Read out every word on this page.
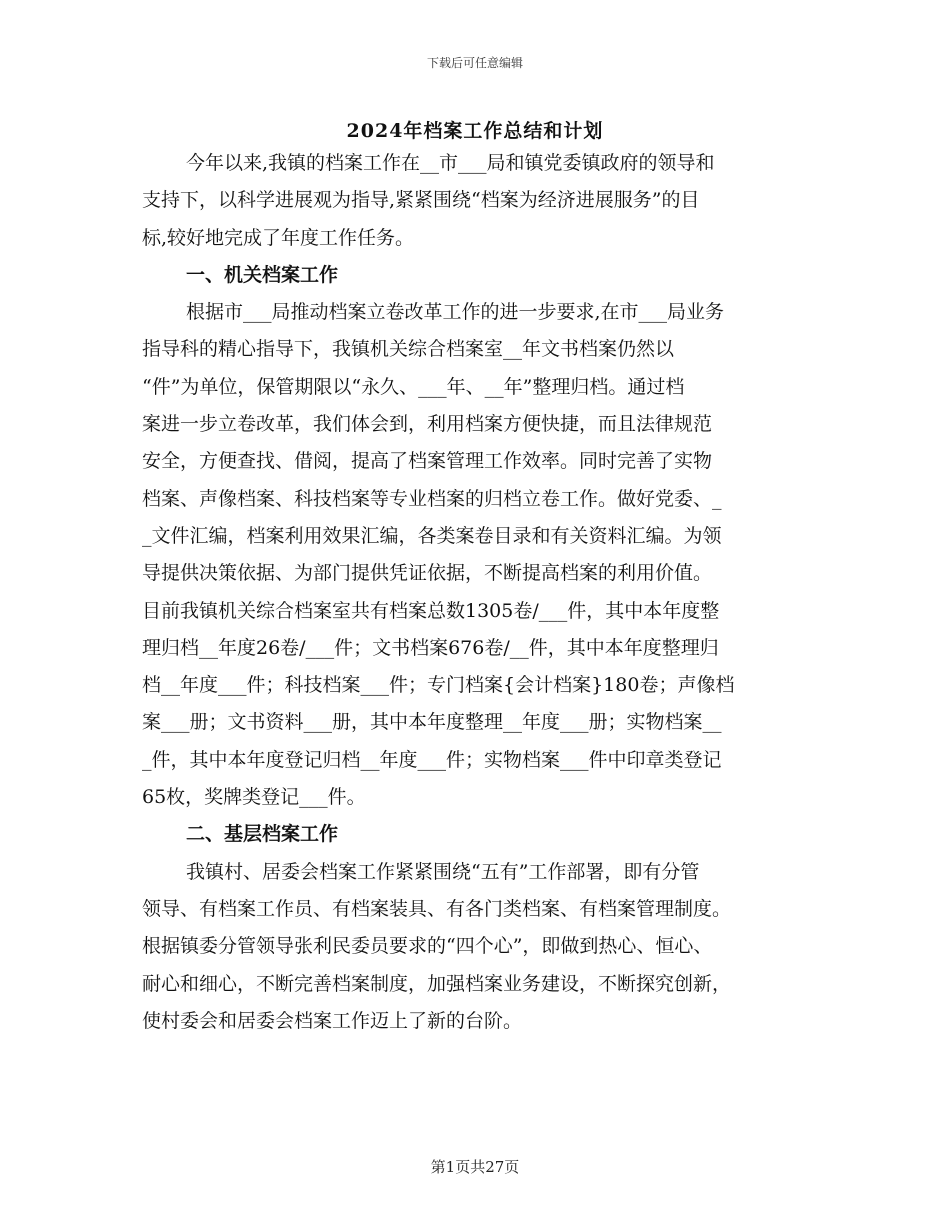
下载后可任意编辑
2024年档案工作总结和计划
今年以来,我镇的档案工作在__市___局和镇党委镇政府的领导和
支持下，以科学进展观为指导,紧紧围绕“档案为经济进展服务”的目
标,较好地完成了年度工作任务。
一、机关档案工作
根据市___局推动档案立卷改革工作的进一步要求,在市___局业务
指导科的精心指导下，我镇机关综合档案室__年文书档案仍然以
“件”为单位，保管期限以“永久、___年、__年”整理归档。通过档
案进一步立卷改革，我们体会到，利用档案方便快捷，而且法律规范
安全，方便查找、借阅，提高了档案管理工作效率。同时完善了实物
档案、声像档案、科技档案等专业档案的归档立卷工作。做好党委、_
_文件汇编，档案利用效果汇编，各类案卷目录和有关资料汇编。为领
导提供决策依据、为部门提供凭证依据，不断提高档案的利用价值。
目前我镇机关综合档案室共有档案总数1305卷/___件，其中本年度整
理归档__年度26卷/___件；文书档案676卷/__件，其中本年度整理归
档__年度___件；科技档案___件；专门档案{会计档案}180卷；声像档
案___册；文书资料___册，其中本年度整理__年度___册；实物档案__
_件，其中本年度登记归档__年度___件；实物档案___件中印章类登记
65枚，奖牌类登记___件。
二、基层档案工作
我镇村、居委会档案工作紧紧围绕“五有”工作部署，即有分管
领导、有档案工作员、有档案装具、有各门类档案、有档案管理制度。
根据镇委分管领导张利民委员要求的“四个心”，即做到热心、恒心、
耐心和细心，不断完善档案制度，加强档案业务建设，不断探究创新，
使村委会和居委会档案工作迈上了新的台阶。
第1页共27页
